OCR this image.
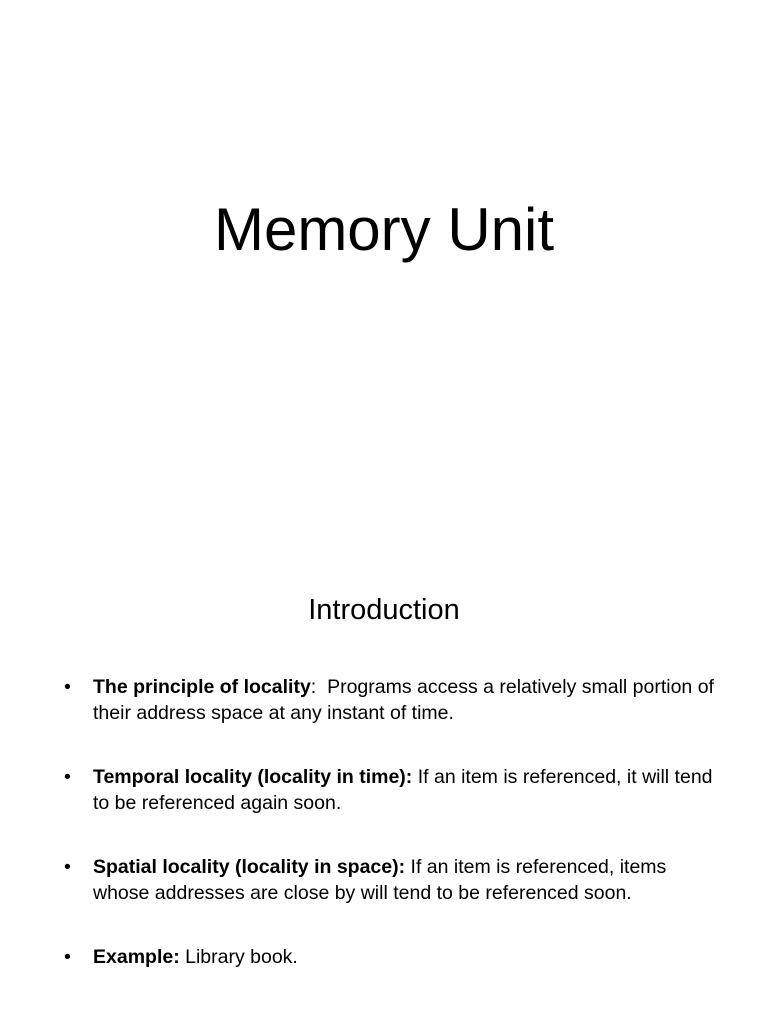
Memory Unit
Introduction
•	The principle of locality:  Programs access a relatively small portion of their address space at any instant of time.
•	Temporal locality (locality in time): If an item is referenced, it will tend to be referenced again soon.
•	Spatial locality (locality in space): If an item is referenced, items whose addresses are close by will tend to be referenced soon.
•	Example: Library book.
